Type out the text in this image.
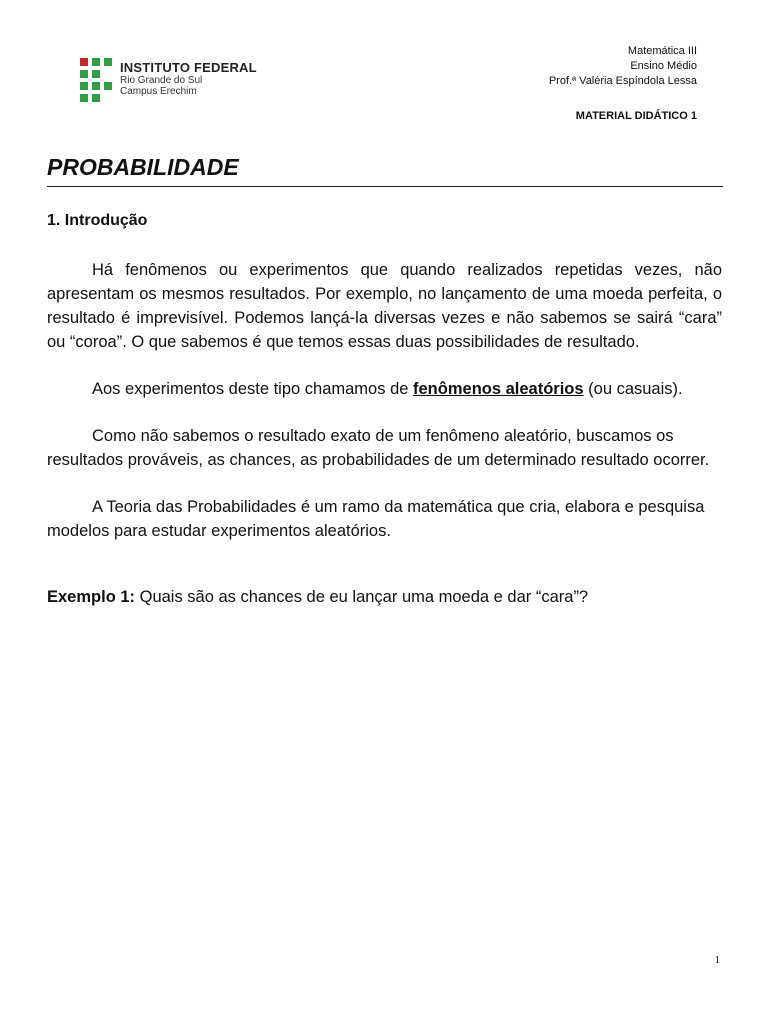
INSTITUTO FEDERAL
Rio Grande do Sul
Campus Erechim
Matemática III
Ensino Médio
Prof.ª Valéria Espíndola Lessa
MATERIAL DIDÁTICO 1
PROBABILIDADE
1. Introdução

Há fenômenos ou experimentos que quando realizados repetidas vezes, não apresentam os mesmos resultados. Por exemplo, no lançamento de uma moeda perfeita, o resultado é imprevisível. Podemos lançá-la diversas vezes e não sabemos se sairá “cara” ou “coroa”. O que sabemos é que temos essas duas possibilidades de resultado.

Aos experimentos deste tipo chamamos de fenômenos aleatórios (ou casuais).

Como não sabemos o resultado exato de um fenômeno aleatório, buscamos os resultados prováveis, as chances, as probabilidades de um determinado resultado ocorrer.

A Teoria das Probabilidades é um ramo da matemática que cria, elabora e pesquisa modelos para estudar experimentos aleatórios.

Exemplo 1: Quais são as chances de eu lançar uma moeda e dar “cara”?

1
